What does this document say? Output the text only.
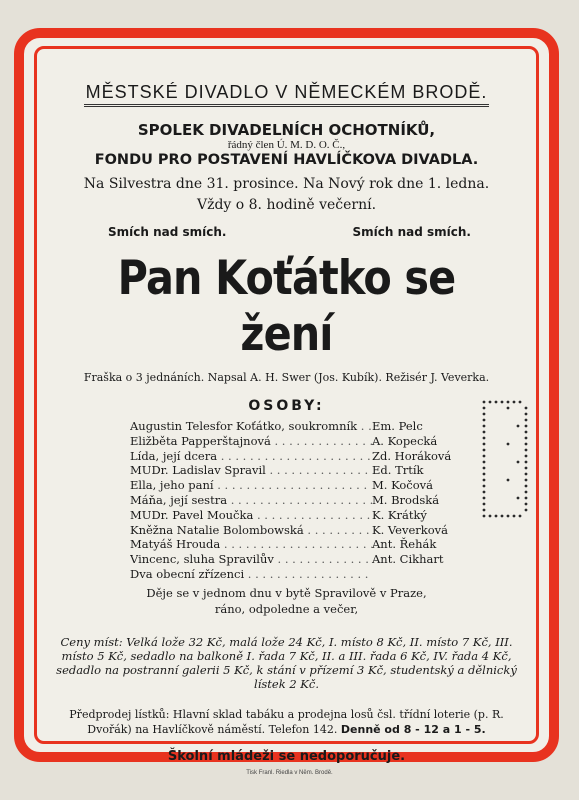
MĚSTSKÉ DIVADLO V NĚMECKÉM BRODĚ.
SPOLEK DIVADELNÍCH OCHOTNÍKŮ,
řádný člen Ú. M. D. O. Č.,
FONDU PRO POSTAVENÍ HAVLÍČKOVA DIVADLA.
Na Silvestra dne 31. prosince. Na Nový rok dne 1. ledna.
Vždy o 8. hodině večerní.
Smích nad smích.	Smích nad smích.
Pan Koťátko se žení
Fraška o 3 jednáních. Napsal A. H. Swer (Jos. Kubík). Režisér J. Veverka.
OSOBY:
Augustin Telesfor Koťátko, soukromník . . .	Em. Pelc
Eližběta Papperštajnová . . .	A. Kopecká
Lída, její dcera . . .	Zd. Horáková
MUDr. Ladislav Spravil . . .	Ed. Trtík
Ella, jeho paní . . .	M. Kočová
Máňa, její sestra . . .	M. Brodská
MUDr. Pavel Moučka . . .	K. Krátký
Kněžna Natalie Bolombowská . . .	K. Veverková
Matyáš Hrouda . . .	Ant. Řehák
Vincenc, sluha Spravilův . . .	Ant. Cikhart
Dva obecní zřízenci . . .
Děje se v jednom dnu v bytě Spravilově v Praze,
ráno, odpoledne a večer,
Ceny míst: Velká lože 32 Kč, malá lože 24 Kč, I. místo 8 Kč, II. místo 7 Kč, III. místo 5 Kč, sedadlo na balkoně I. řada 7 Kč, II. a III. řada 6 Kč, IV. řada 4 Kč, sedadlo na postranní galerii 5 Kč, k stání v přízemí 3 Kč, studentský a dělnický lístek 2 Kč.
Předprodej lístků: Hlavní sklad tabáku a prodejna losů čsl. třídní loterie (p. R. Dvořák) na Havlíčkově náměstí. Telefon 142. Denně od 8 - 12 a 1 - 5.
Školní mládeži se nedoporučuje.
Tisk Franl. Riedla v Něm. Brodě.
